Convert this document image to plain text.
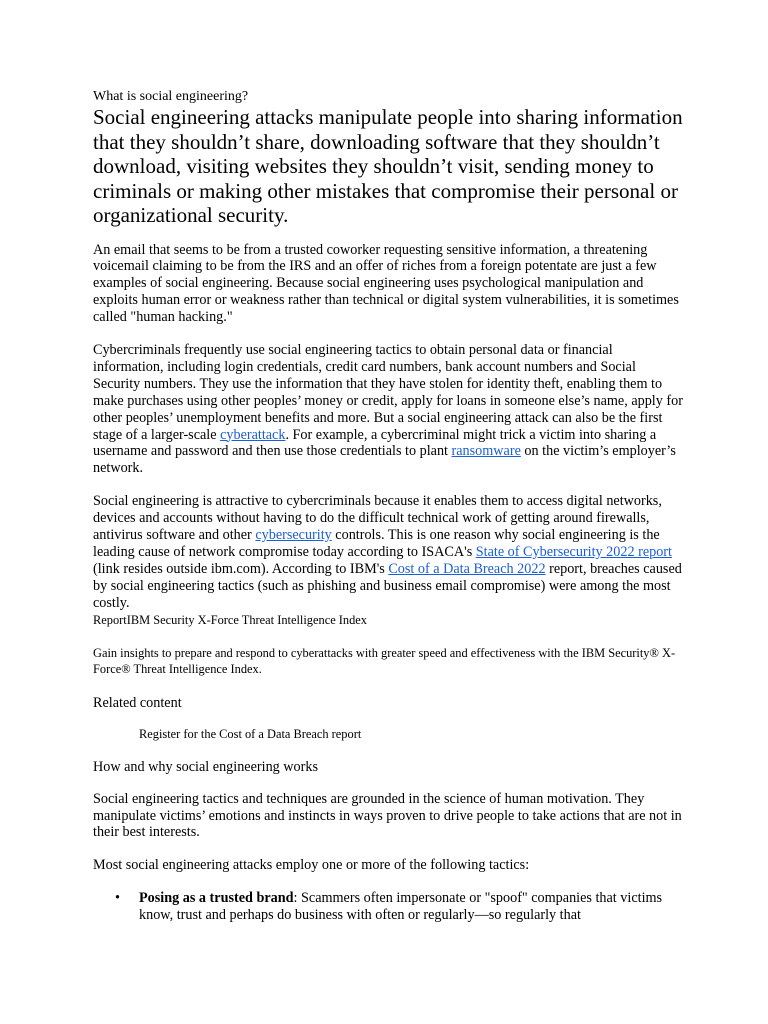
What is social engineering?

Social engineering attacks manipulate people into sharing information that they shouldn’t share, downloading software that they shouldn’t download, visiting websites they shouldn’t visit, sending money to criminals or making other mistakes that compromise their personal or organizational security.

An email that seems to be from a trusted coworker requesting sensitive information, a threatening voicemail claiming to be from the IRS and an offer of riches from a foreign potentate are just a few examples of social engineering. Because social engineering uses psychological manipulation and exploits human error or weakness rather than technical or digital system vulnerabilities, it is sometimes called "human hacking."

Cybercriminals frequently use social engineering tactics to obtain personal data or financial information, including login credentials, credit card numbers, bank account numbers and Social Security numbers. They use the information that they have stolen for identity theft, enabling them to make purchases using other peoples’ money or credit, apply for loans in someone else’s name, apply for other peoples’ unemployment benefits and more. But a social engineering attack can also be the first stage of a larger-scale cyberattack. For example, a cybercriminal might trick a victim into sharing a username and password and then use those credentials to plant ransomware on the victim’s employer’s network.

Social engineering is attractive to cybercriminals because it enables them to access digital networks, devices and accounts without having to do the difficult technical work of getting around firewalls, antivirus software and other cybersecurity controls. This is one reason why social engineering is the leading cause of network compromise today according to ISACA's State of Cybersecurity 2022 report (link resides outside ibm.com). According to IBM's Cost of a Data Breach 2022 report, breaches caused by social engineering tactics (such as phishing and business email compromise) were among the most costly.

ReportIBM Security X-Force Threat Intelligence Index

Gain insights to prepare and respond to cyberattacks with greater speed and effectiveness with the IBM Security® X-Force® Threat Intelligence Index.

Related content

Register for the Cost of a Data Breach report

How and why social engineering works

Social engineering tactics and techniques are grounded in the science of human motivation. They manipulate victims’ emotions and instincts in ways proven to drive people to take actions that are not in their best interests.

Most social engineering attacks employ one or more of the following tactics:

• Posing as a trusted brand: Scammers often impersonate or "spoof" companies that victims know, trust and perhaps do business with often or regularly—so regularly that
